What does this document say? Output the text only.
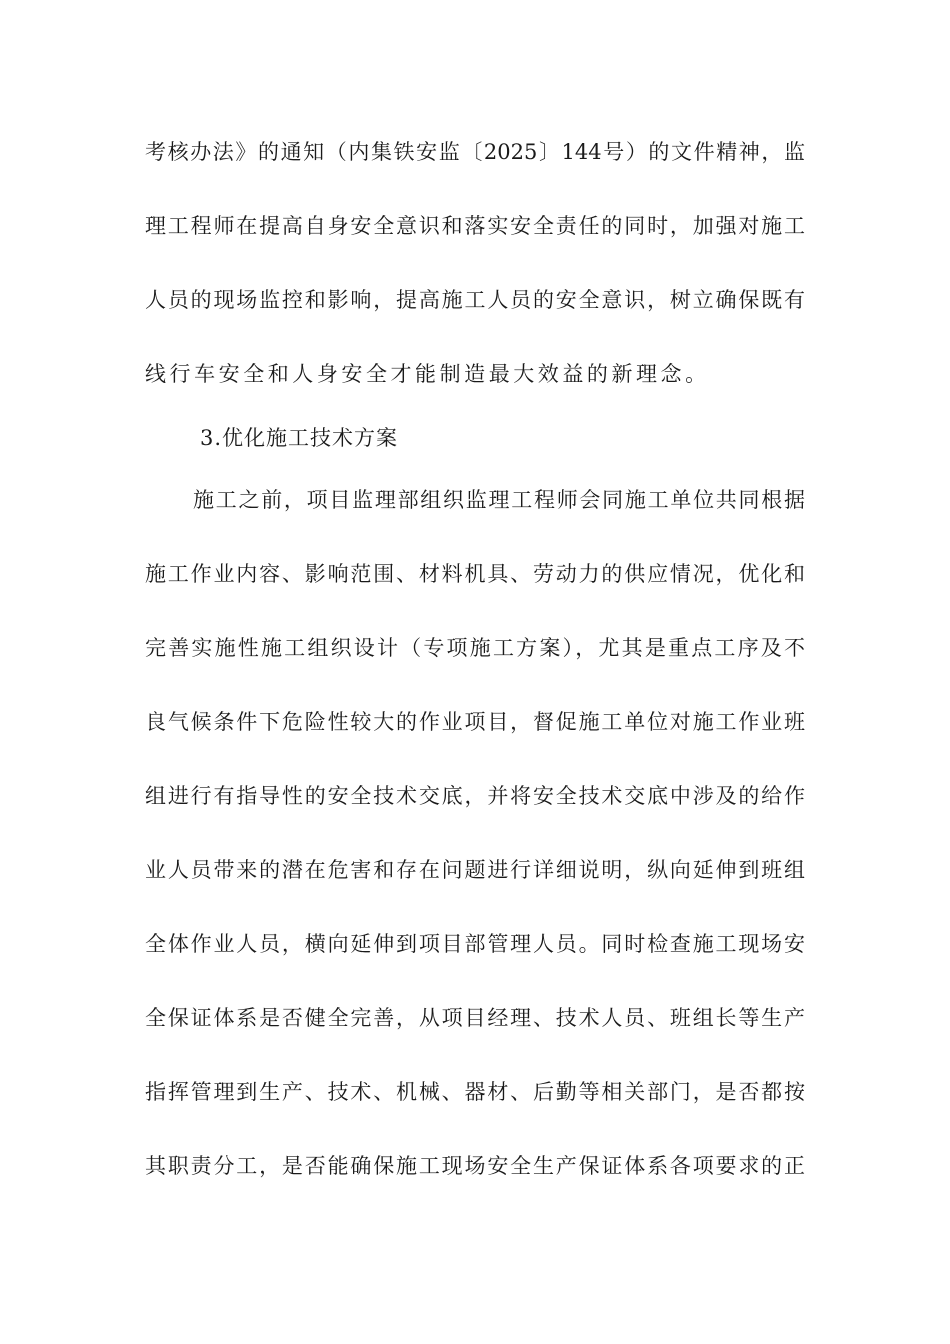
考核办法》的通知（内集铁安监〔2025〕144号）的文件精神，监
理工程师在提高自身安全意识和落实安全责任的同时，加强对施工
人员的现场监控和影响，提高施工人员的安全意识，树立确保既有
线行车安全和人身安全才能制造最大效益的新理念。
3.优化施工技术方案
施工之前，项目监理部组织监理工程师会同施工单位共同根据
施工作业内容、影响范围、材料机具、劳动力的供应情况，优化和
完善实施性施工组织设计（专项施工方案），尤其是重点工序及不
良气候条件下危险性较大的作业项目，督促施工单位对施工作业班
组进行有指导性的安全技术交底，并将安全技术交底中涉及的给作
业人员带来的潜在危害和存在问题进行详细说明，纵向延伸到班组
全体作业人员，横向延伸到项目部管理人员。同时检查施工现场安
全保证体系是否健全完善，从项目经理、技术人员、班组长等生产
指挥管理到生产、技术、机械、器材、后勤等相关部门，是否都按
其职责分工，是否能确保施工现场安全生产保证体系各项要求的正
